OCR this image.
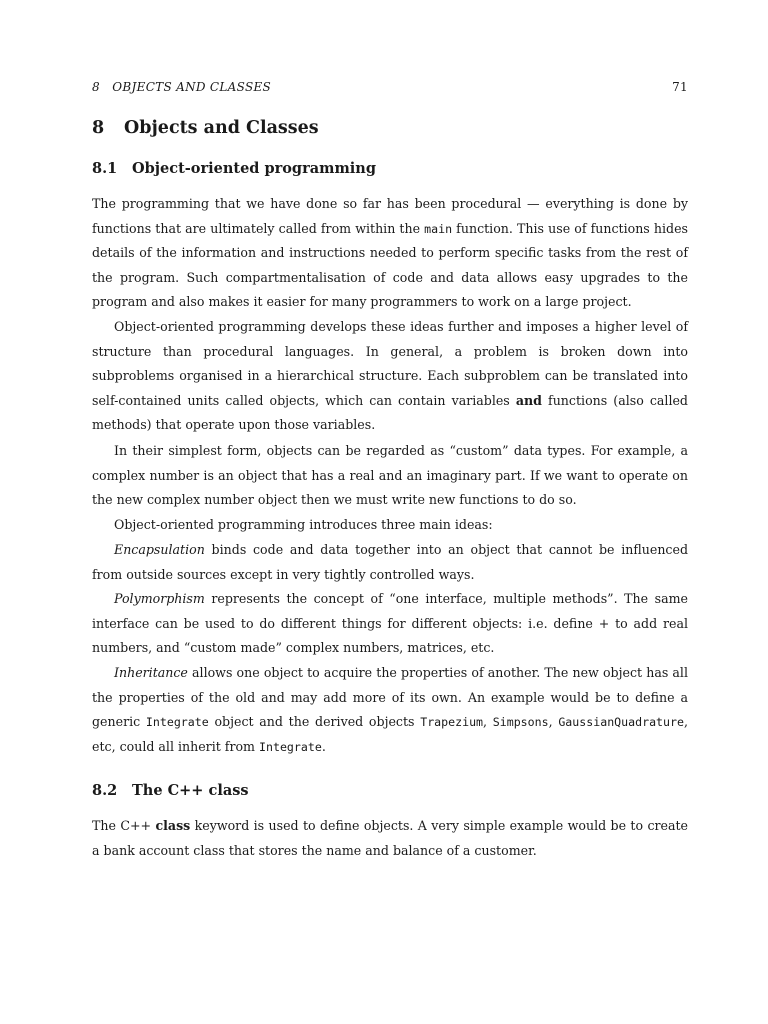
8   OBJECTS AND CLASSES	71
8 Objects and Classes
8.1 Object-oriented programming

The programming that we have done so far has been procedural — everything is done by functions that are ultimately called from within the main function. This use of functions hides details of the information and instructions needed to perform specific tasks from the rest of the program. Such compartmentalisation of code and data allows easy upgrades to the program and also makes it easier for many programmers to work on a large project.

Object-oriented programming develops these ideas further and imposes a higher level of structure than procedural languages. In general, a problem is broken down into subproblems organised in a hierarchical structure. Each subproblem can be translated into self-contained units called objects, which can contain variables and functions (also called methods) that operate upon those variables.

In their simplest form, objects can be regarded as “custom” data types. For example, a complex number is an object that has a real and an imaginary part. If we want to operate on the new complex number object then we must write new functions to do so.

Object-oriented programming introduces three main ideas:

Encapsulation binds code and data together into an object that cannot be influenced from outside sources except in very tightly controlled ways.

Polymorphism represents the concept of “one interface, multiple methods”. The same interface can be used to do different things for different objects: i.e. define + to add real numbers, and “custom made” complex numbers, matrices, etc.

Inheritance allows one object to acquire the properties of another. The new object has all the properties of the old and may add more of its own. An example would be to define a generic Integrate object and the derived objects Trapezium, Simpsons, GaussianQuadrature, etc, could all inherit from Integrate.

8.2 The C++ class

The C++ class keyword is used to define objects. A very simple example would be to create a bank account class that stores the name and balance of a customer.
